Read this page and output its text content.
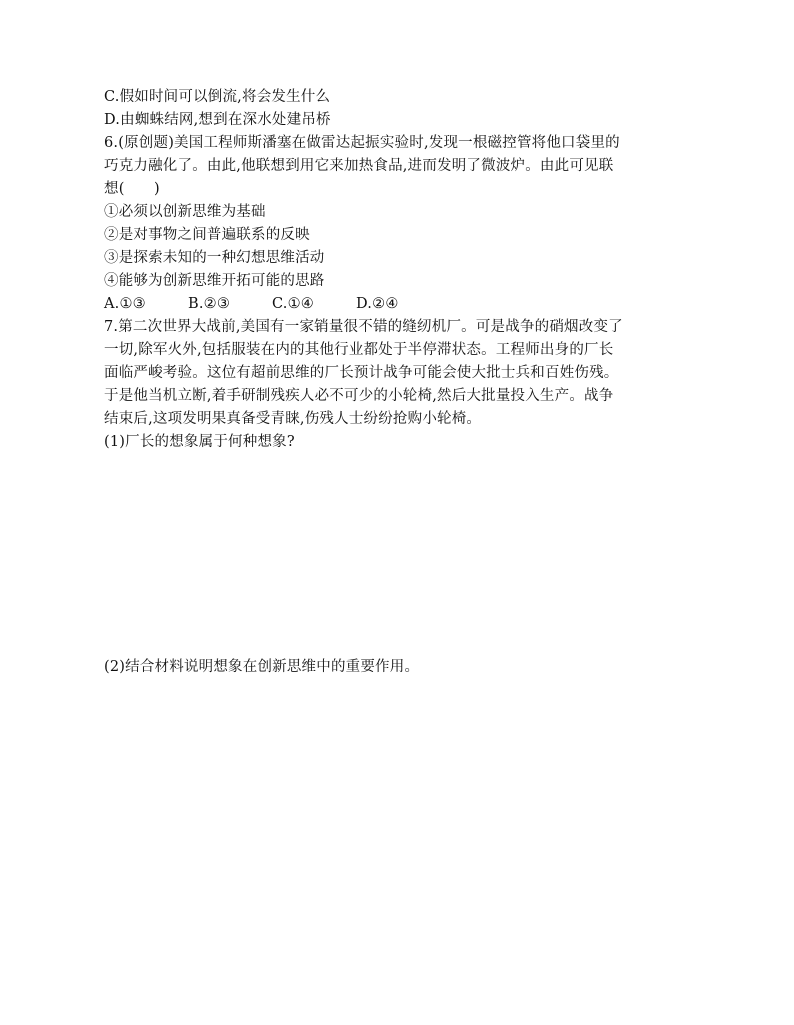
C.假如时间可以倒流,将会发生什么
D.由蜘蛛结网,想到在深水处建吊桥
6.(原创题)美国工程师斯潘塞在做雷达起振实验时,发现一根磁控管将他口袋里的
巧克力融化了。由此,他联想到用它来加热食品,进而发明了微波炉。由此可见联
想(　　)
①必须以创新思维为基础
②是对事物之间普遍联系的反映
③是探索未知的一种幻想思维活动
④能够为创新思维开拓可能的思路
A.①③	B.②③	C.①④	D.②④
7.第二次世界大战前,美国有一家销量很不错的缝纫机厂。可是战争的硝烟改变了
一切,除军火外,包括服装在内的其他行业都处于半停滞状态。工程师出身的厂长
面临严峻考验。这位有超前思维的厂长预计战争可能会使大批士兵和百姓伤残。
于是他当机立断,着手研制残疾人必不可少的小轮椅,然后大批量投入生产。战争
结束后,这项发明果真备受青睐,伤残人士纷纷抢购小轮椅。
(1)厂长的想象属于何种想象?
(2)结合材料说明想象在创新思维中的重要作用。
